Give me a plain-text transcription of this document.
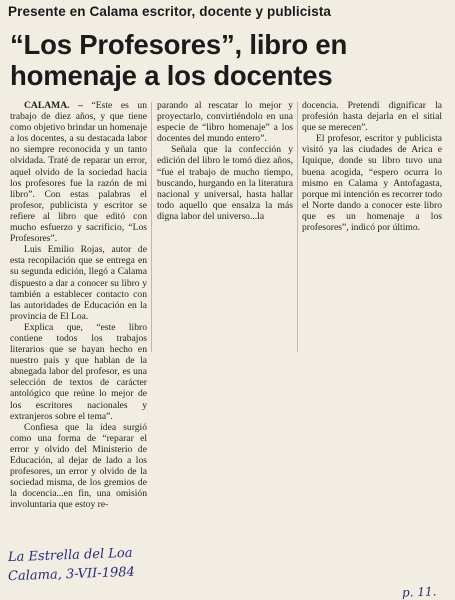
Presente en Calama escritor, docente y publicista
“Los Profesores”, libro en
homenaje a los docentes

CALAMA. – “Este es un trabajo de diez años, y que tiene como objetivo brindar un homenaje a los docentes, a su destacada labor no siempre reconocida y un tanto olvidada. Traté de reparar un error, aquel olvido de la sociedad hacia los profesores fue la razón de mi libro”. Con estas palabras el profesor, publicista y escritor se refiere al libro que editó con mucho esfuerzo y sacrificio, “Los Profesores”.

Luis Emilio Rojas, autor de esta recopilación que se entrega en su segunda edición, llegó a Calama dispuesto a dar a conocer su libro y también a establecer contacto con las autoridades de Educación en la provincia de El Loa.

Explica que, “este libro contiene todos los trabajos literarios que se hayan hecho en nuestro país y que hablan de la abnegada labor del profesor, es una selección de textos de carácter antológico que reúne lo mejor de los escritores nacionales y extranjeros sobre el tema”.

Confiesa que la idea surgió como una forma de “reparar el error y olvido del Ministerio de Educación, al dejar de lado a los profesores, un error y olvido de la sociedad misma, de los gremios de la docencia...en fin, una omisión involuntaria que estoy re-

parando al rescatar lo mejor y proyectarlo, convirtiéndolo en una especie de “libro homenaje” a los docentes del mundo entero”.

Señala que la confección y edición del libro le tomó diez años, “fue el trabajo de mucho tiempo, buscando, hurgando en la literatura nacional y universal, hasta hallar todo aquello que ensalza la más digna labor del universo...la

docencia. Pretendí dignificar la profesión hasta dejarla en el sitial que se merecen”.

El profesor, escritor y publicista visitó ya las ciudades de Arica e Iquique, donde su libro tuvo una buena acogida, “espero ocurra lo mismo en Calama y Antofagasta, porque mi intención es recorrer todo el Norte dando a conocer este libro que es un homenaje a los profesores”, indicó por último.

La Estrella del Loa
Calama, 3-VII-1984
p. 11.
